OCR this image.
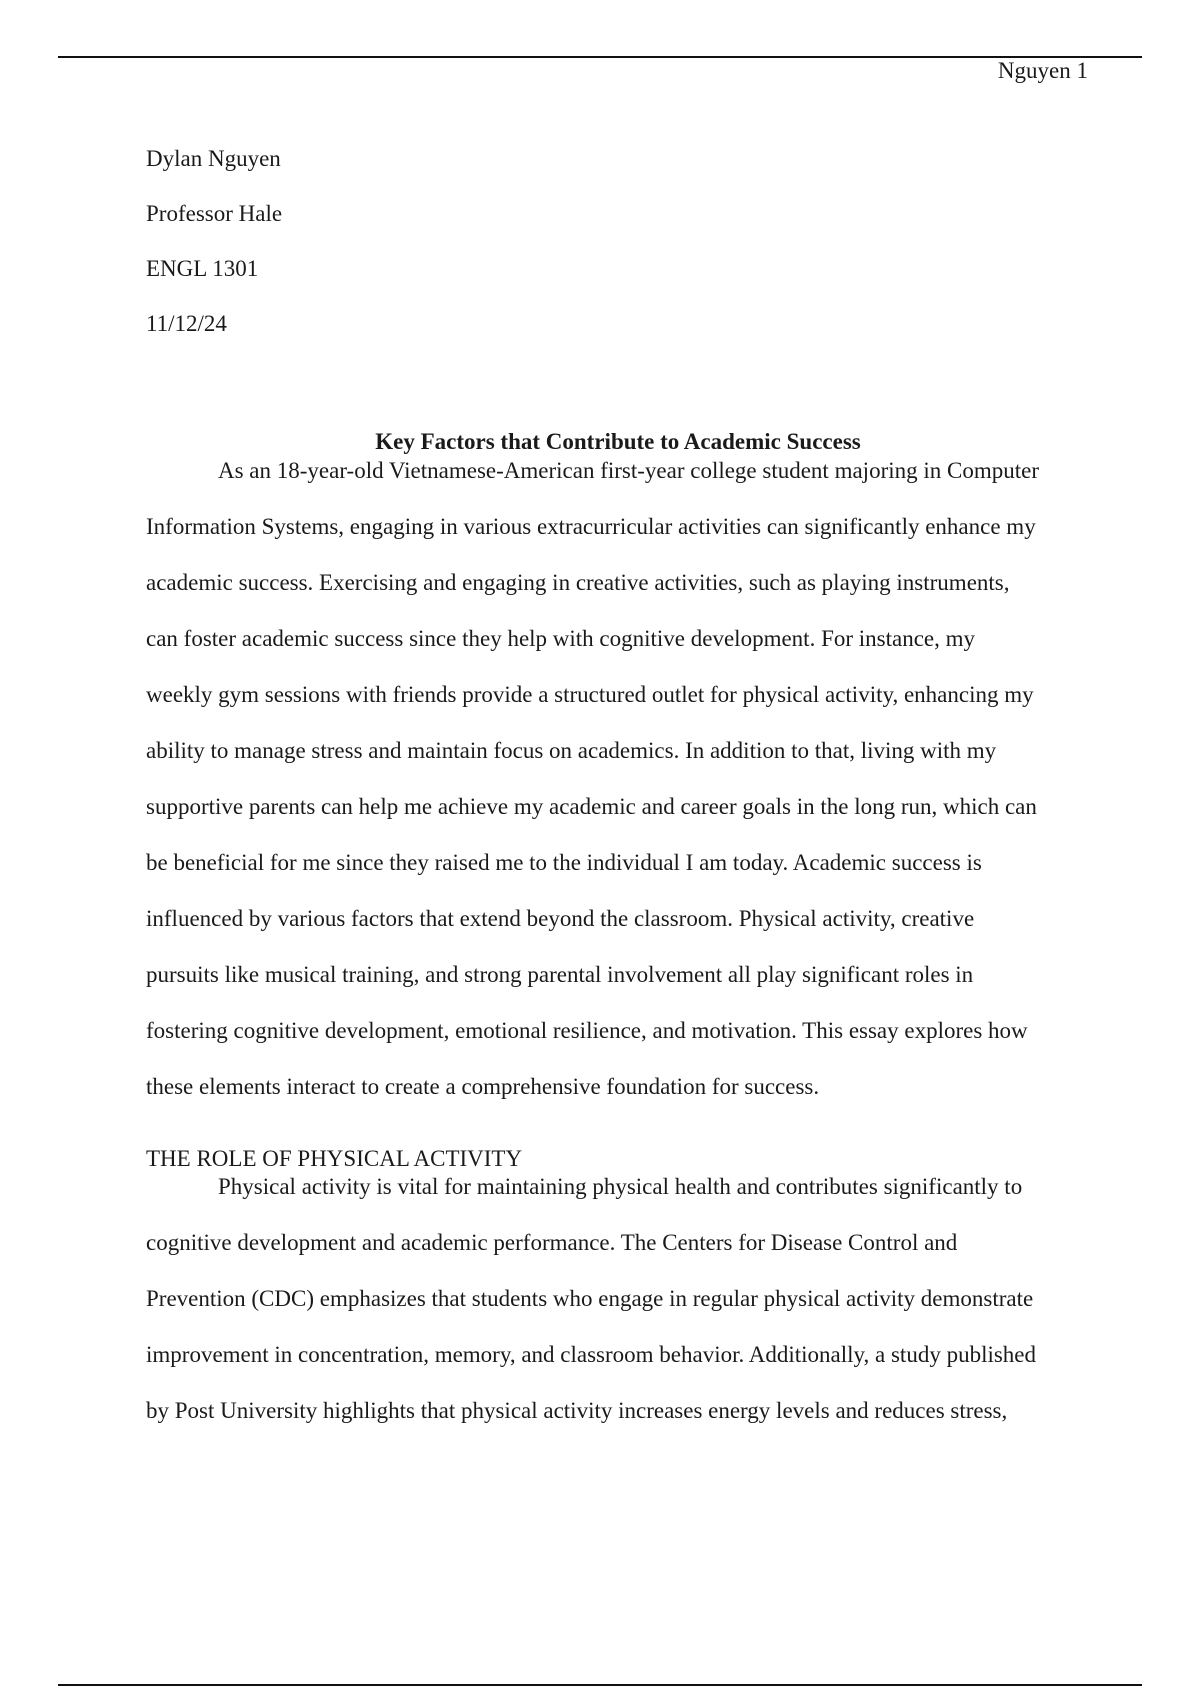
Nguyen 1
Dylan Nguyen
Professor Hale
ENGL 1301
11/12/24
Key Factors that Contribute to Academic Success
As an 18-year-old Vietnamese-American first-year college student majoring in Computer
Information Systems, engaging in various extracurricular activities can significantly enhance my
academic success. Exercising and engaging in creative activities, such as playing instruments,
can foster academic success since they help with cognitive development. For instance, my
weekly gym sessions with friends provide a structured outlet for physical activity, enhancing my
ability to manage stress and maintain focus on academics. In addition to that, living with my
supportive parents can help me achieve my academic and career goals in the long run, which can
be beneficial for me since they raised me to the individual I am today. Academic success is
influenced by various factors that extend beyond the classroom. Physical activity, creative
pursuits like musical training, and strong parental involvement all play significant roles in
fostering cognitive development, emotional resilience, and motivation. This essay explores how
these elements interact to create a comprehensive foundation for success.
THE ROLE OF PHYSICAL ACTIVITY
Physical activity is vital for maintaining physical health and contributes significantly to
cognitive development and academic performance. The Centers for Disease Control and
Prevention (CDC) emphasizes that students who engage in regular physical activity demonstrate
improvement in concentration, memory, and classroom behavior. Additionally, a study published
by Post University highlights that physical activity increases energy levels and reduces stress,
